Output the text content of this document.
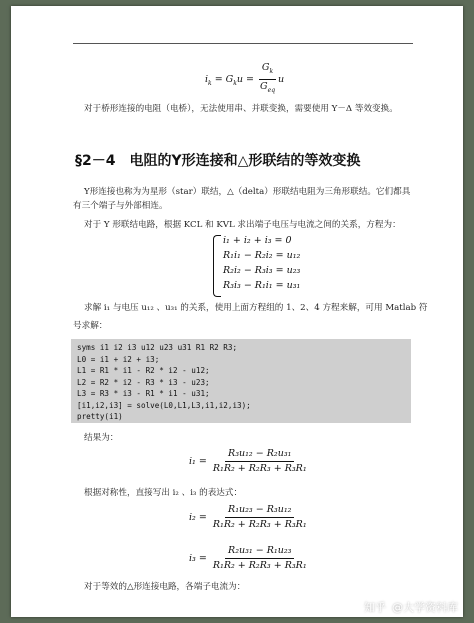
$i_k = G_ku = \frac{G_k}{G_{eq}}$ u
对于桥形连接的电阻（电桥），无法使用串、并联变换，需要使用 Y－Δ 等效变换。
§2－4 电阻的Y形连接和△形联结的等效变换
Y形连接也称为为星形（star）联结，△（delta）形联结电阻为三角形联结。它们都具
有三个端子与外部相连。
对于 Y 形联结电路，根据 KCL 和 KVL 求出端子电压与电流之间的关系，方程为：
i₁ + i₂ + i₃ = 0
R₁i₁ − R₂i₂ = u₁₂
R₂i₂ − R₃i₃ = u₂₃
R₃i₃ − R₁i₁ = u₃₁
求解 i₁ 与电压 u₁₂ 、u₃₁ 的关系，使用上面方程组的 1、2、4 方程来解，可用 Matlab 符
号求解：
syms i1 i2 i3 u12 u23 u31 R1 R2 R3;
L0 = i1 + i2 + i3;
L1 = R1 * i1 - R2 * i2 - u12;
L2 = R2 * i2 - R3 * i3 - u23;
L3 = R3 * i3 - R1 * i1 - u31;
[i1,i2,i3] = solve(L0,L1,L3,i1,i2,i3);
pretty(i1)
结果为：
$i_1 = \frac{\text{R₃u₁₂ − R₂u₃₁}}{\text{R₁R₂ + R₂R₃ + R₃R₁}}$
根据对称性，直接写出 i₂ 、i₃ 的表达式：
$i_2 = \frac{\text{R₁u₂₃ − R₃u₁₂}}{\text{R₁R₂ + R₂R₃ + R₃R₁}}$
$i_3 = \frac{\text{R₂u₃₁ − R₁u₂₃}}{\text{R₁R₂ + R₂R₃ + R₃R₁}}$
对于等效的△形连接电路，各端子电流为：
知乎 @大学资料库
